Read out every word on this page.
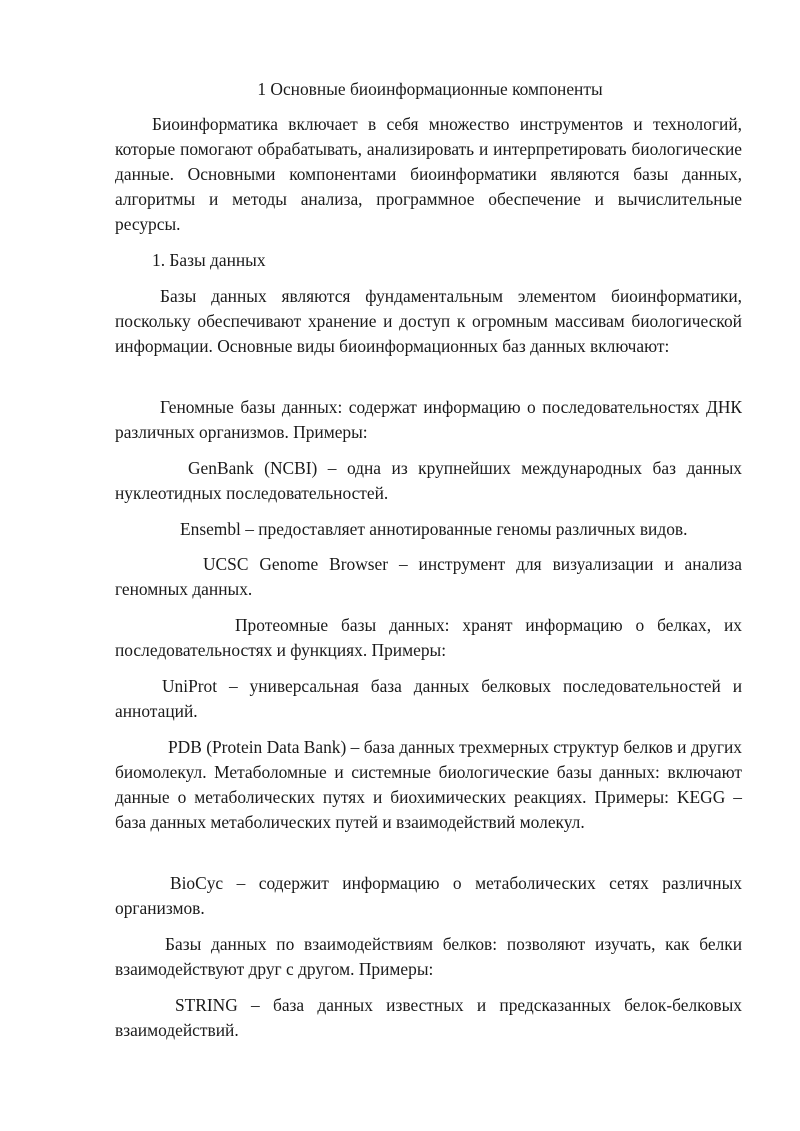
1 Основные биоинформационные компоненты

Биоинформатика включает в себя множество инструментов и технологий, которые помогают обрабатывать, анализировать и интерпретировать биологические данные. Основными компонентами биоинформатики являются базы данных, алгоритмы и методы анализа, программное обеспечение и вычислительные ресурсы.

1. Базы данных

Базы данных являются фундаментальным элементом биоинформатики, поскольку обеспечивают хранение и доступ к огромным массивам биологической информации. Основные виды биоинформационных баз данных включают:

Геномные базы данных: содержат информацию о последовательностях ДНК различных организмов. Примеры:

GenBank (NCBI) – одна из крупнейших международных баз данных нуклеотидных последовательностей.

Ensembl – предоставляет аннотированные геномы различных видов.

UCSC Genome Browser – инструмент для визуализации и анализа геномных данных.

Протеомные базы данных: хранят информацию о белках, их последовательностях и функциях. Примеры:

UniProt – универсальная база данных белковых последовательностей и аннотаций.

PDB (Protein Data Bank) – база данных трехмерных структур белков и других биомолекул. Метаболомные и системные биологические базы данных: включают данные о метаболических путях и биохимических реакциях. Примеры: KEGG – база данных метаболических путей и взаимодействий молекул.

BioCyc – содержит информацию о метаболических сетях различных организмов.

Базы данных по взаимодействиям белков: позволяют изучать, как белки взаимодействуют друг с другом. Примеры:

STRING – база данных известных и предсказанных белок-белковых взаимодействий.
